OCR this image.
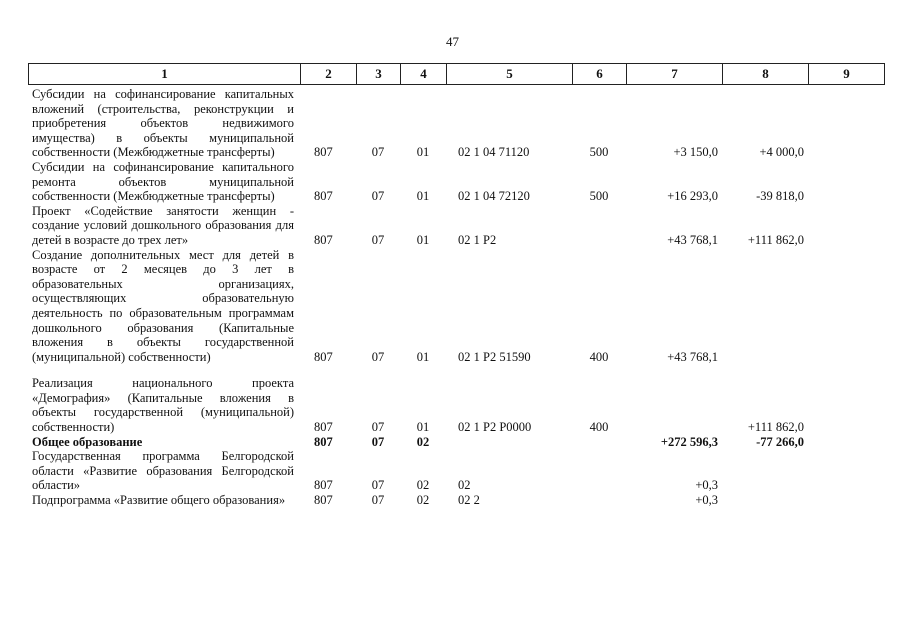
47
1	2	3	4	5	6	7	8	9
Субсидии на софинансирование капитальных вложений (строительства, реконструкции и приобретения объектов недвижимого имущества) в объекты муниципальной собственности (Межбюджетные трансферты)	807	07	01	02 1 04 71120	500	+3 150,0	+4 000,0	
Субсидии на софинансирование капитального ремонта объектов муниципальной собственности (Межбюджетные трансферты)	807	07	01	02 1 04 72120	500	+16 293,0	-39 818,0	
Проект «Содействие занятости женщин - создание условий дошкольного образования для детей в возрасте до трех лет»	807	07	01	02 1 P2		+43 768,1	+111 862,0	
Создание дополнительных мест для детей в возрасте от 2 месяцев до 3 лет в образовательных организациях, осуществляющих образовательную деятельность по образовательным программам дошкольного образования (Капитальные вложения в объекты государственной (муниципальной) собственности)	807	07	01	02 1 P2 51590	400	+43 768,1		
Реализация национального проекта «Демография» (Капитальные вложения в объекты государственной (муниципальной) собственности)	807	07	01	02 1 P2 P0000	400		+111 862,0	
Общее образование	807	07	02			+272 596,3	-77 266,0	
Государственная программа Белгородской области «Развитие образования Белгородской области»	807	07	02	02		+0,3		
Подпрограмма «Развитие общего образования»	807	07	02	02 2		+0,3		
